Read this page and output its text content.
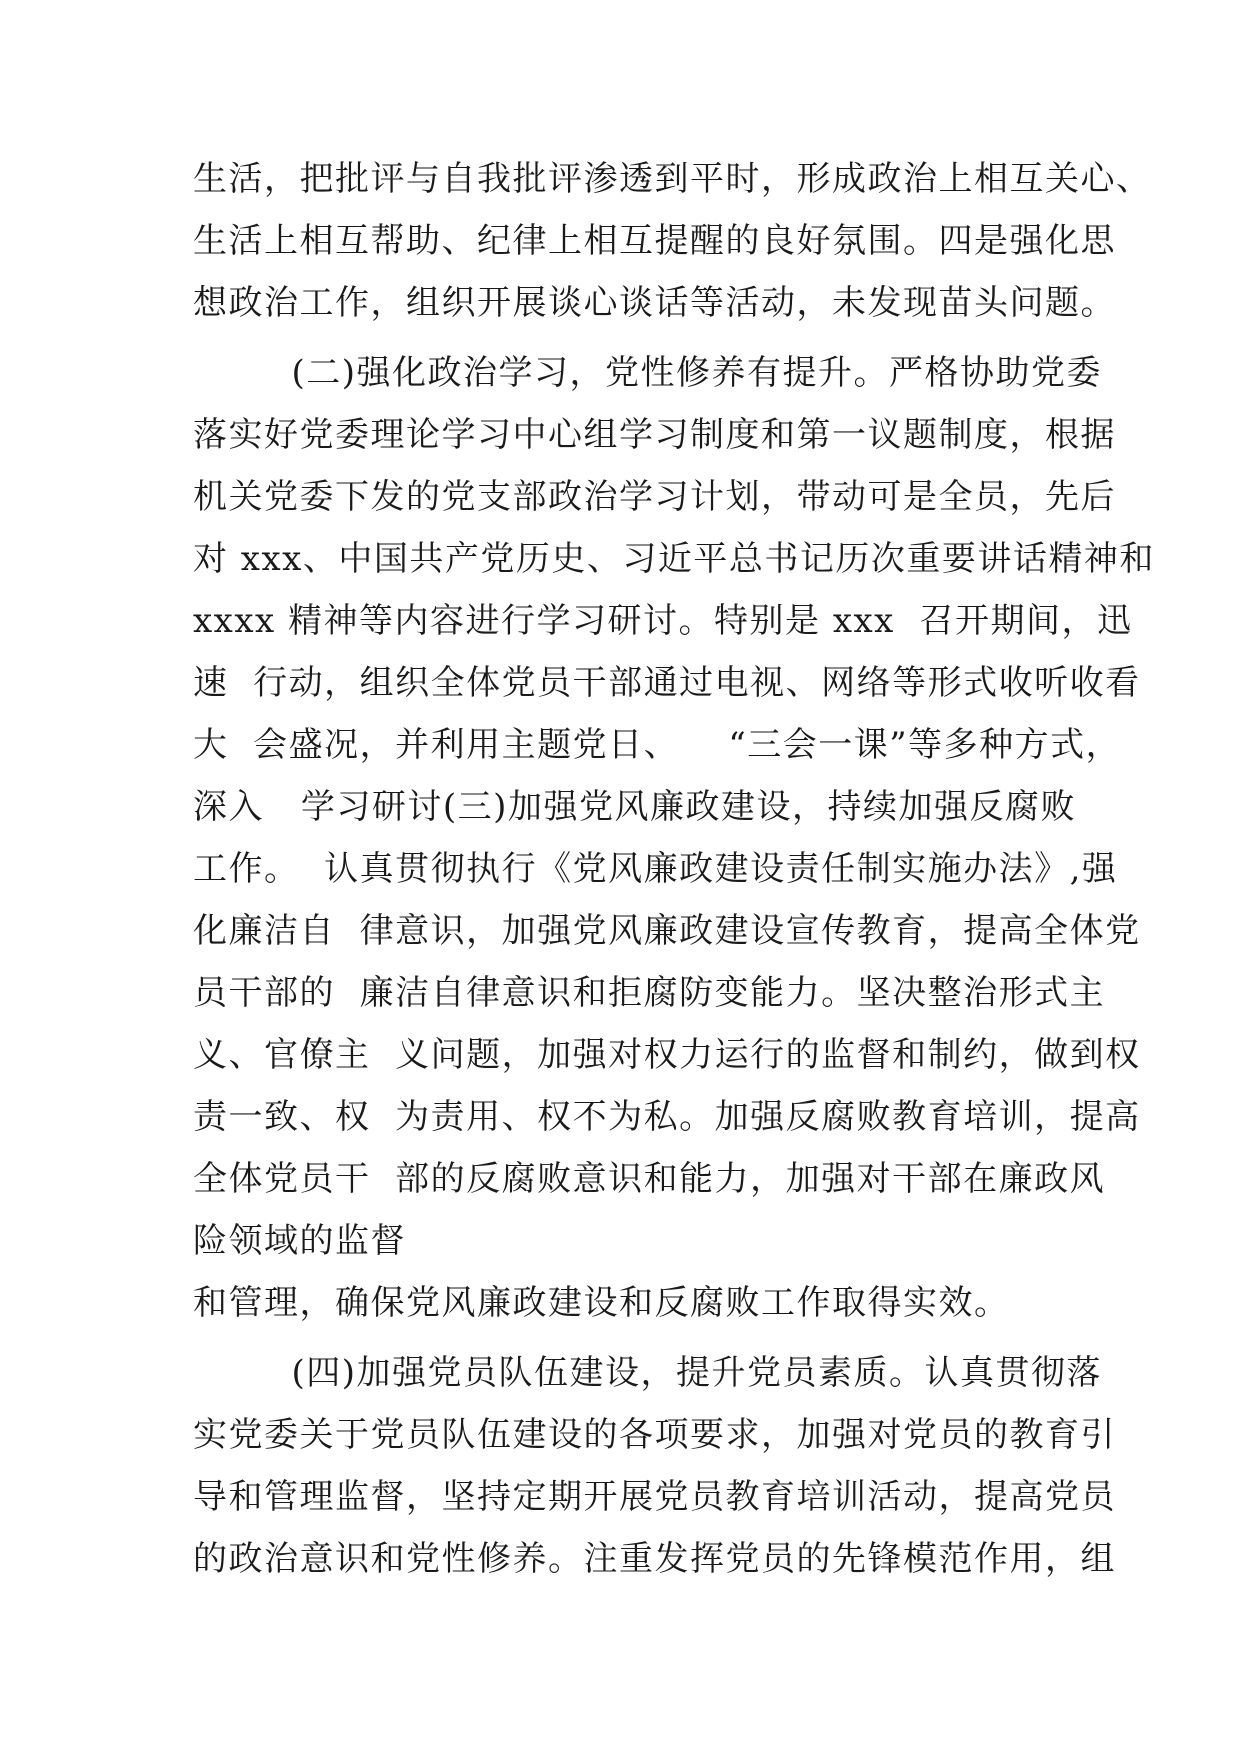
生活，把批评与自我批评渗透到平时，形成政治上相互关心、
生活上相互帮助、纪律上相互提醒的良好氛围。四是强化思
想政治工作，组织开展谈心谈话等活动，未发现苗头问题。
(二)强化政治学习，党性修养有提升。严格协助党委
落实好党委理论学习中心组学习制度和第一议题制度，根据
机关党委下发的党支部政治学习计划，带动可是全员，先后
对 xxx、中国共产党历史、习近平总书记历次重要讲话精神和
xxxx 精神等内容进行学习研讨。特别是 xxx  召开期间，迅
速  行动，组织全体党员干部通过电视、网络等形式收听收看
大  会盛况，并利用主题党日、    “三会一课”等多种方式，
深入   学习研讨(三)加强党风廉政建设，持续加强反腐败
工作。  认真贯彻执行《党风廉政建设责任制实施办法》,强
化廉洁自  律意识，加强党风廉政建设宣传教育，提高全体党
员干部的  廉洁自律意识和拒腐防变能力。坚决整治形式主
义、官僚主  义问题，加强对权力运行的监督和制约，做到权
责一致、权  为责用、权不为私。加强反腐败教育培训，提高
全体党员干  部的反腐败意识和能力，加强对干部在廉政风
险领域的监督
和管理，确保党风廉政建设和反腐败工作取得实效。
(四)加强党员队伍建设，提升党员素质。认真贯彻落
实党委关于党员队伍建设的各项要求，加强对党员的教育引
导和管理监督，坚持定期开展党员教育培训活动，提高党员
的政治意识和党性修养。注重发挥党员的先锋模范作用，组
